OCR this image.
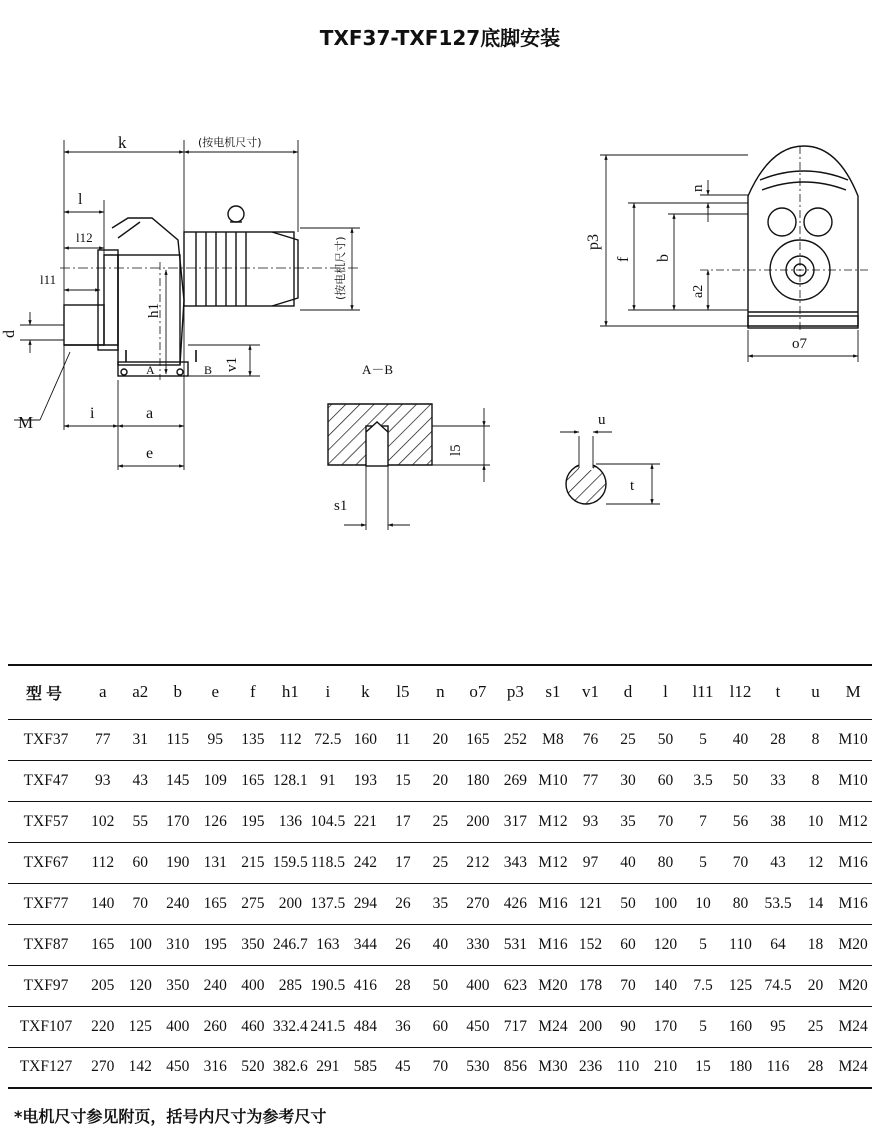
TXF37-TXF127底脚安装
k	(按电机尺寸)
l
l12
l11
d
M
h1
v1
A	B
i	a
e
(按电机尺寸)
A－B
l5
s1
u
t
p3
f b
n
a2
o7
型号	a	a2	b	e	f	h1	i	k	l5	n	o7	p3	s1	v1	d	l	l11	l12	t	u	M
TXF37	77	31	115	95	135	112	72.5	160	11	20	165	252	M8	76	25	50	5	40	28	8	M10
TXF47	93	43	145	109	165	128.1	91	193	15	20	180	269	M10	77	30	60	3.5	50	33	8	M10
TXF57	102	55	170	126	195	136	104.5	221	17	25	200	317	M12	93	35	70	7	56	38	10	M12
TXF67	112	60	190	131	215	159.5	118.5	242	17	25	212	343	M12	97	40	80	5	70	43	12	M16
TXF77	140	70	240	165	275	200	137.5	294	26	35	270	426	M16	121	50	100	10	80	53.5	14	M16
TXF87	165	100	310	195	350	246.7	163	344	26	40	330	531	M16	152	60	120	5	110	64	18	M20
TXF97	205	120	350	240	400	285	190.5	416	28	50	400	623	M20	178	70	140	7.5	125	74.5	20	M20
TXF107	220	125	400	260	460	332.4	241.5	484	36	60	450	717	M24	200	90	170	5	160	95	25	M24
TXF127	270	142	450	316	520	382.6	291	585	45	70	530	856	M30	236	110	210	15	180	116	28	M24
*电机尺寸参见附页，括号内尺寸为参考尺寸
